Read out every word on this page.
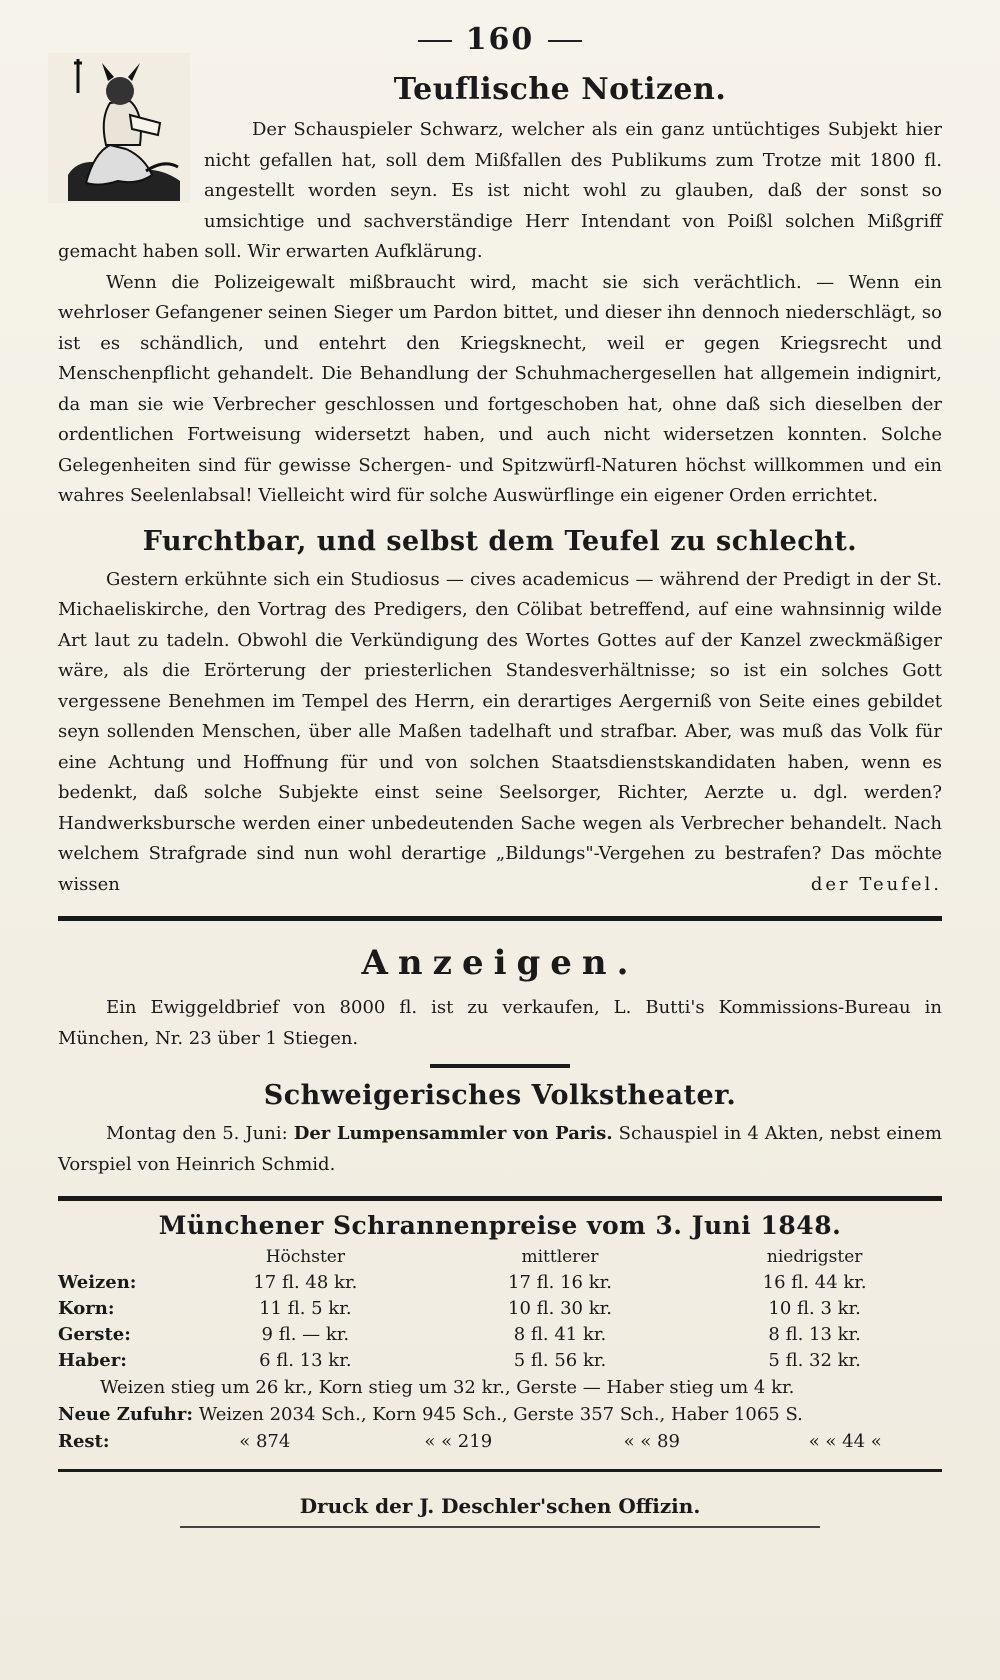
160
Teuflische Notizen.

Der Schauspieler Schwarz, welcher als ein ganz untüchtiges Subjekt hier nicht gefallen hat, soll dem Mißfallen des Publikums zum Trotze mit 1800 fl. angestellt worden seyn. Es ist nicht wohl zu glauben, daß der sonst so umsichtige und sachverständige Herr Intendant von Poißl solchen Mißgriff gemacht haben soll. Wir erwarten Aufklärung.

Wenn die Polizeigewalt mißbraucht wird, macht sie sich verächtlich. — Wenn ein wehrloser Gefangener seinen Sieger um Pardon bittet, und dieser ihn dennoch niederschlägt, so ist es schändlich, und entehrt den Kriegsknecht, weil er gegen Kriegsrecht und Menschenpflicht gehandelt. Die Behandlung der Schuhmachergesellen hat allgemein indignirt, da man sie wie Verbrecher geschlossen und fortgeschoben hat, ohne daß sich dieselben der ordentlichen Fortweisung widersetzt haben, und auch nicht widersetzen konnten. Solche Gelegenheiten sind für gewisse Schergen- und Spitzwürfl-Naturen höchst willkommen und ein wahres Seelenlabsal! Vielleicht wird für solche Auswürflinge ein eigener Orden errichtet.

Furchtbar, und selbst dem Teufel zu schlecht.

Gestern erkühnte sich ein Studiosus — cives academicus — während der Predigt in der St. Michaeliskirche, den Vortrag des Predigers, den Cölibat betreffend, auf eine wahnsinnig wilde Art laut zu tadeln. Obwohl die Verkündigung des Wortes Gottes auf der Kanzel zweckmäßiger wäre, als die Erörterung der priesterlichen Standesverhältnisse; so ist ein solches Gott vergessene Benehmen im Tempel des Herrn, ein derartiges Aergerniß von Seite eines gebildet seyn sollenden Menschen, über alle Maßen tadelhaft und strafbar. Aber, was muß das Volk für eine Achtung und Hoffnung für und von solchen Staatsdienstskandidaten haben, wenn es bedenkt, daß solche Subjekte einst seine Seelsorger, Richter, Aerzte u. dgl. werden? Handwerksbursche werden einer unbedeutenden Sache wegen als Verbrecher behandelt. Nach welchem Strafgrade sind nun wohl derartige „Bildungs"-Vergehen zu bestrafen? Das möchte wissen	der Teufel.

Anzeigen.

Ein Ewiggeldbrief von 8000 fl. ist zu verkaufen, L. Butti's Kommissions-Bureau in München, Nr. 23 über 1 Stiegen.

Schweigerisches Volkstheater.

Montag den 5. Juni: Der Lumpensammler von Paris. Schauspiel in 4 Akten, nebst einem Vorspiel von Heinrich Schmid.

Münchener Schrannenpreise vom 3. Juni 1848.
	Höchster	mittlerer	niedrigster
Weizen:	17 fl. 48 kr.	17 fl. 16 kr.	16 fl. 44 kr.
Korn:	11 fl. 5 kr.	10 fl. 30 kr.	10 fl. 3 kr.
Gerste:	9 fl. — kr.	8 fl. 41 kr.	8 fl. 13 kr.
Haber:	6 fl. 13 kr.	5 fl. 56 kr.	5 fl. 32 kr.

Weizen stieg um 26 kr., Korn stieg um 32 kr., Gerste — Haber stieg um 4 kr.

Neue Zufuhr: Weizen 2034 Sch., Korn 945 Sch., Gerste 357 Sch., Haber 1065 S.

Rest:	« 874	« « 219	« « 89	« « 44 «
Druck der J. Deschler'schen Offizin.
